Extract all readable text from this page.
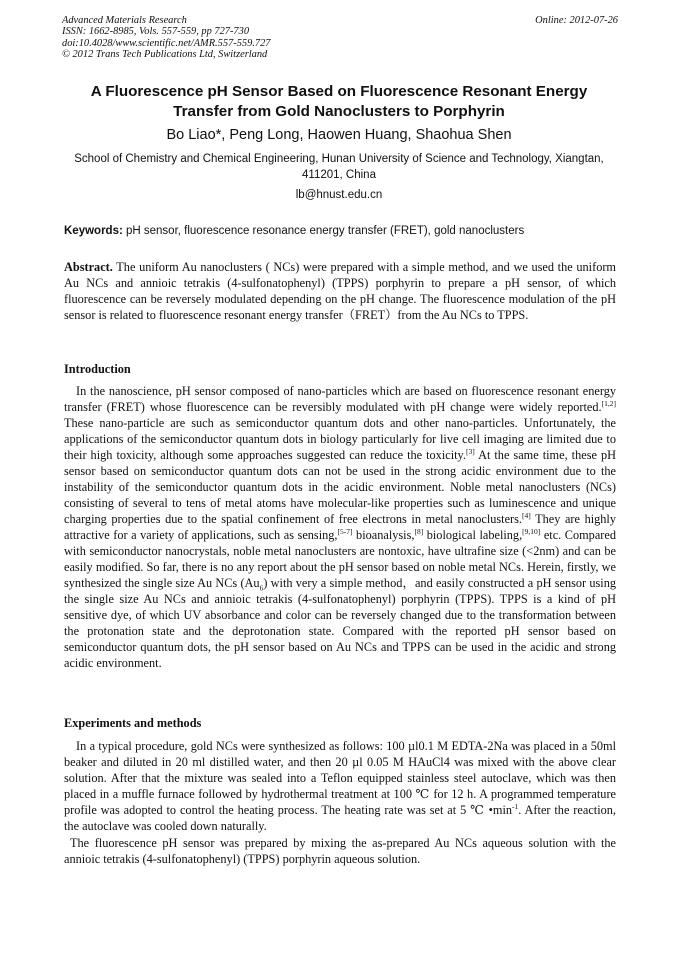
Advanced Materials Research
ISSN: 1662-8985, Vols. 557-559, pp 727-730
doi:10.4028/www.scientific.net/AMR.557-559.727
© 2012 Trans Tech Publications Ltd, Switzerland
Online: 2012-07-26
A Fluorescence pH Sensor Based on Fluorescence Resonant Energy Transfer from Gold Nanoclusters to Porphyrin
Bo Liao*, Peng Long, Haowen Huang, Shaohua Shen
School of Chemistry and Chemical Engineering, Hunan University of Science and Technology, Xiangtan, 411201, China
lb@hnust.edu.cn
Keywords: pH sensor, fluorescence resonance energy transfer (FRET), gold nanoclusters
Abstract. The uniform Au nanoclusters ( NCs) were prepared with a simple method, and we used the uniform Au NCs and annioic tetrakis (4-sulfonatophenyl) (TPPS) porphyrin to prepare a pH sensor, of which fluorescence can be reversely modulated depending on the pH change. The fluorescence modulation of the pH sensor is related to fluorescence resonant energy transfer（FRET）from the Au NCs to TPPS.
Introduction
In the nanoscience, pH sensor composed of nano-particles which are based on fluorescence resonant energy transfer (FRET) whose fluorescence can be reversibly modulated with pH change were widely reported.[1,2] These nano-particle are such as semiconductor quantum dots and other nano-particles. Unfortunately, the applications of the semiconductor quantum dots in biology particularly for live cell imaging are limited due to their high toxicity, although some approaches suggested can reduce the toxicity.[3] At the same time, these pH sensor based on semiconductor quantum dots can not be used in the strong acidic environment due to the instability of the semiconductor quantum dots in the acidic environment. Noble metal nanoclusters (NCs) consisting of several to tens of metal atoms have molecular-like properties such as luminescence and unique charging properties due to the spatial confinement of free electrons in metal nanoclusters.[4] They are highly attractive for a variety of applications, such as sensing,[5-7] bioanalysis,[8] biological labeling,[9,10] etc. Compared with semiconductor nanocrystals, noble metal nanoclusters are nontoxic, have ultrafine size (<2nm) and can be easily modified. So far, there is no any report about the pH sensor based on noble metal NCs. Herein, firstly, we synthesized the single size Au NCs $(Au_6)$ with very a simple method，and easily constructed a pH sensor using the single size Au NCs and annioic tetrakis (4-sulfonatophenyl) porphyrin (TPPS). TPPS is a kind of pH sensitive dye, of which UV absorbance and color can be reversely changed due to the transformation between the protonation state and the deprotonation state. Compared with the reported pH sensor based on semiconductor quantum dots, the pH sensor based on Au NCs and TPPS can be used in the acidic and strong acidic environment.
Experiments and methods
In a typical procedure, gold NCs were synthesized as follows: 100 µl0.1 M EDTA-2Na was placed in a 50ml beaker and diluted in 20 ml distilled water, and then 20 µl 0.05 M HAuCl4 was mixed with the above clear solution. After that the mixture was sealed into a Teflon equipped stainless steel autoclave, which was then placed in a muffle furnace followed by hydrothermal treatment at 100 ℃ for 12 h. A programmed temperature profile was adopted to control the heating process. The heating rate was set at 5 ℃ $•\min^{-1}$. After the reaction, the autoclave was cooled down naturally.
The fluorescence pH sensor was prepared by mixing the as-prepared Au NCs aqueous solution with the annioic tetrakis (4-sulfonatophenyl) (TPPS) porphyrin aqueous solution.
